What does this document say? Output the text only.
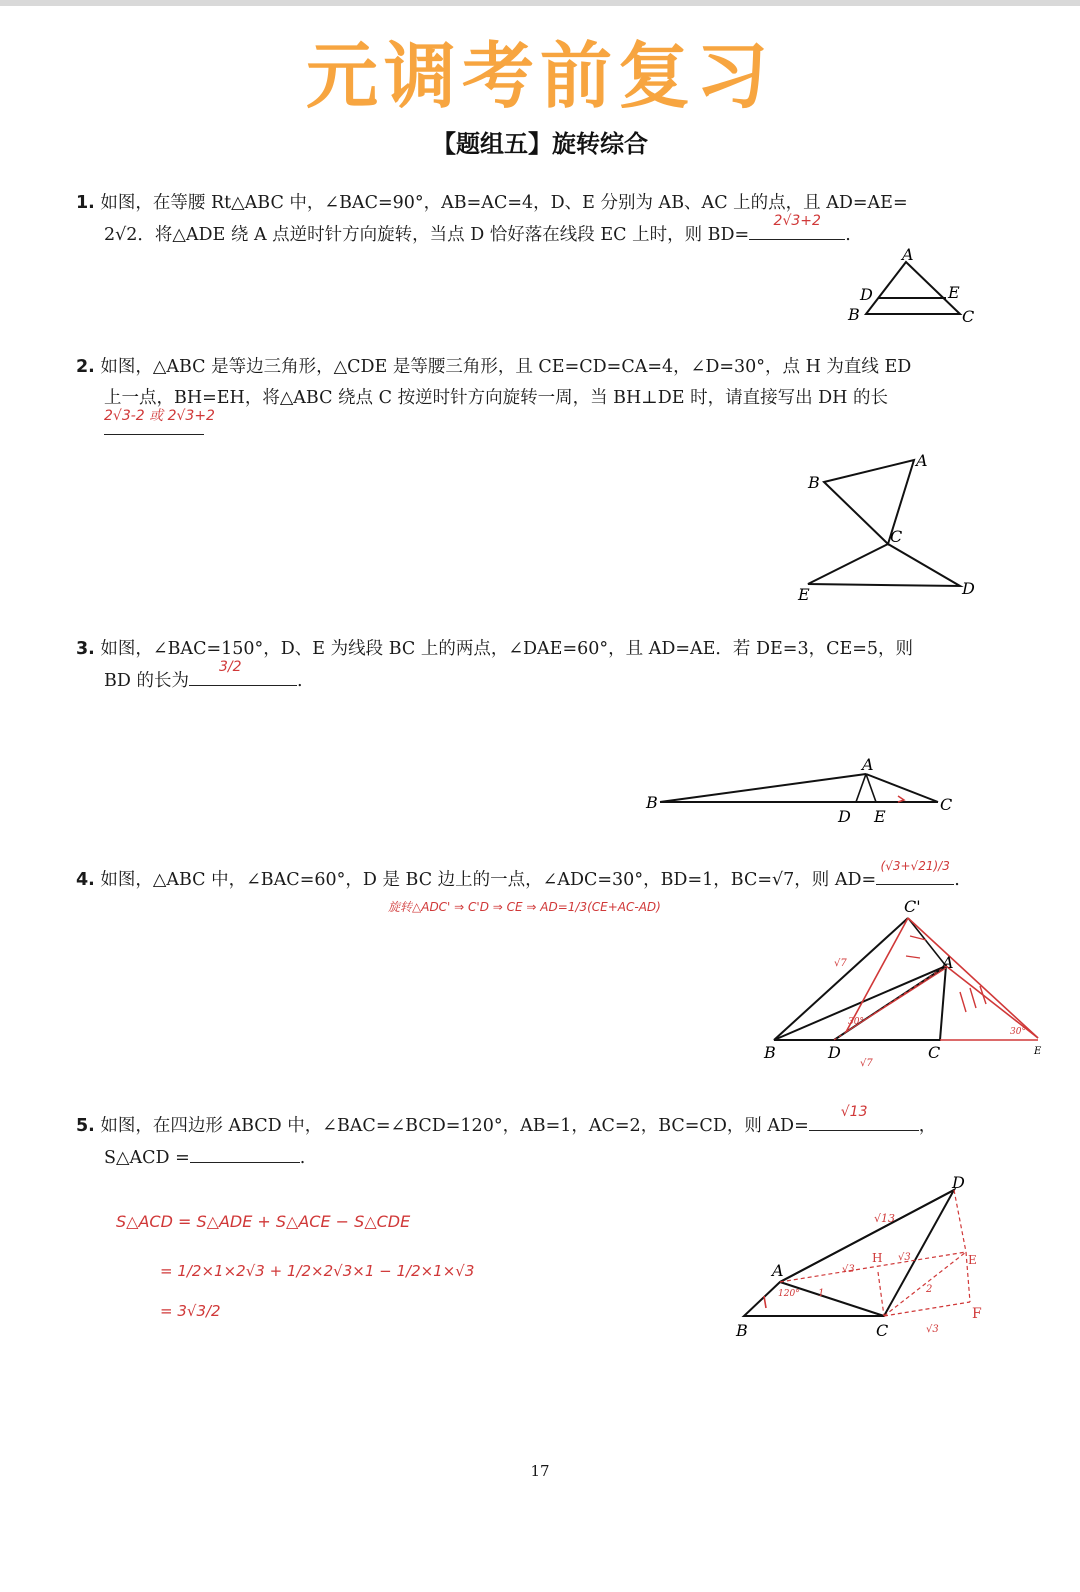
元调考前复习
【题组五】旋转综合
1. 如图，在等腰 Rt△ABC 中，∠BAC=90°，AB=AC=4，D、E 分别为 AB、AC 上的点，且 AD=AE=
2√2．将△ADE 绕 A 点逆时针方向旋转，当点 D 恰好落在线段 EC 上时，则 BD=
2√3+2
.
A
D	E
B	C
2. 如图，△ABC 是等边三角形，△CDE 是等腰三角形，且 CE=CD=CA=4，∠D=30°，点 H 为直线 ED
上一点，BH=EH，将△ABC 绕点 C 按逆时针方向旋转一周，当 BH⊥DE 时，请直接写出 DH 的长
2√3-2 或 2√3+2
A
B
C
E	D
3. 如图，∠BAC=150°，D、E 为线段 BC 上的两点，∠DAE=60°，且 AD=AE．若 DE=3，CE=5，则
BD 的长为
3/2
.
A
B
D E
C
4. 如图，△ABC 中，∠BAC=60°，D 是 BC 边上的一点，∠ADC=30°，BD=1，BC=√7，则 AD=
(√3+√21)/3
.
旋转△ADC' ⇒ C'D ⇒ CE ⇒ AD=1/3(CE+AC-AD)	C'
A
B	D	C	E
√7
√7
30°
30°
5. 如图，在四边形 ABCD 中，∠BAC=∠BCD=120°，AB=1，AC=2，BC=CD，则 AD=
√13
，
S△ACD =	.
S△ACD = S△ADE + S△ACE − S△CDE
= 1/2×1×2√3 + 1/2×2√3×1 − 1/2×1×√3
= 3√3/2
D
A
B	C
H	E
F
√13
√3
√3
√3
120° 1	2
17
